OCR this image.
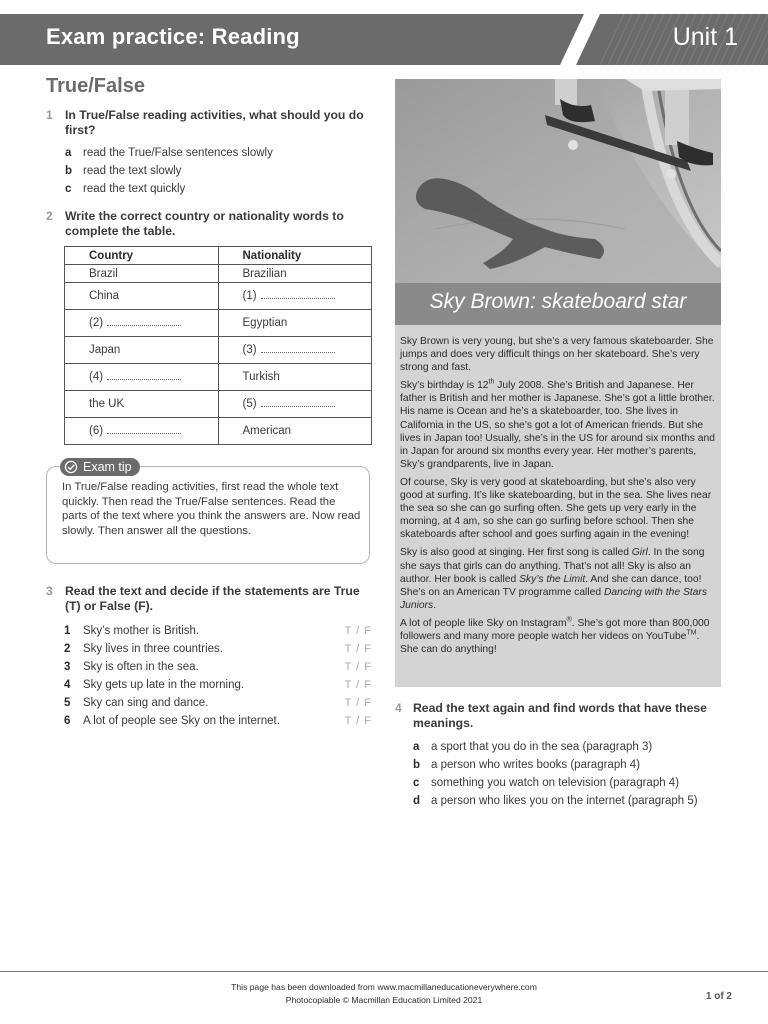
Exam practice: Reading	Unit 1
True/False
1 In True/False reading activities, what should you do first?
a	read the True/False sentences slowly
b read the text slowly
c	read the text quickly
2 Write the correct country or nationality words to complete the table.
Country	Nationality
Brazil	Brazilian
China	(1)
(2)	Egyptian
Japan	(3)
(4)	Turkish
the UK	(5)
(6)	American
Exam tip
In True/False reading activities, first read the whole text quickly. Then read the True/False sentences. Read the parts of the text where you think the answers are. Now read slowly. Then answer all the questions.
3 Read the text and decide if the statements are True (T) or False (F).
1	Sky’s mother is British.	T / F
2	Sky lives in three countries.	T / F
3	Sky is often in the sea.	T / F
4	Sky gets up late in the morning.	T / F
5	Sky can sing and dance.	T / F
6	A lot of people see Sky on the internet.	T / F
Sky Brown: skateboard star

Sky Brown is very young, but she’s a very famous skateboarder. She jumps and does very difficult things on her skateboard. She’s very strong and fast.

Sky’s birthday is 12th July 2008. She’s British and Japanese. Her father is British and her mother is Japanese. She’s got a little brother. His name is Ocean and he’s a skateboarder, too. She lives in California in the US, so she’s got a lot of American friends. But she lives in Japan too! Usually, she’s in the US for around six months and in Japan for around six months every year. Her mother’s parents, Sky’s grandparents, live in Japan.

Of course, Sky is very good at skateboarding, but she’s also very good at surfing. It’s like skateboarding, but in the sea. She lives near the sea so she can go surfing often. She gets up very early in the morning, at 4 am, so she can go surfing before school. Then she skateboards after school and goes surfing again in the evening!

Sky is also good at singing. Her first song is called Girl. In the song she says that girls can do anything. That’s not all! Sky is also an author. Her book is called Sky’s the Limit. And she can dance, too! She’s on an American TV programme called Dancing with the Stars Juniors.

A lot of people like Sky on Instagram®. She’s got more than 800,000 followers and many more people watch her videos on YouTube™. She can do anything!

4 Read the text again and find words that have these meanings.
a	a sport that you do in the sea (paragraph 3)
b a person who writes books (paragraph 4)
c	something you watch on television (paragraph 4)
d a person who likes you on the internet (paragraph 5)
This page has been downloaded from www.macmillaneducationeverywhere.com
Photocopiable © Macmillan Education Limited 2021	1 of 2
